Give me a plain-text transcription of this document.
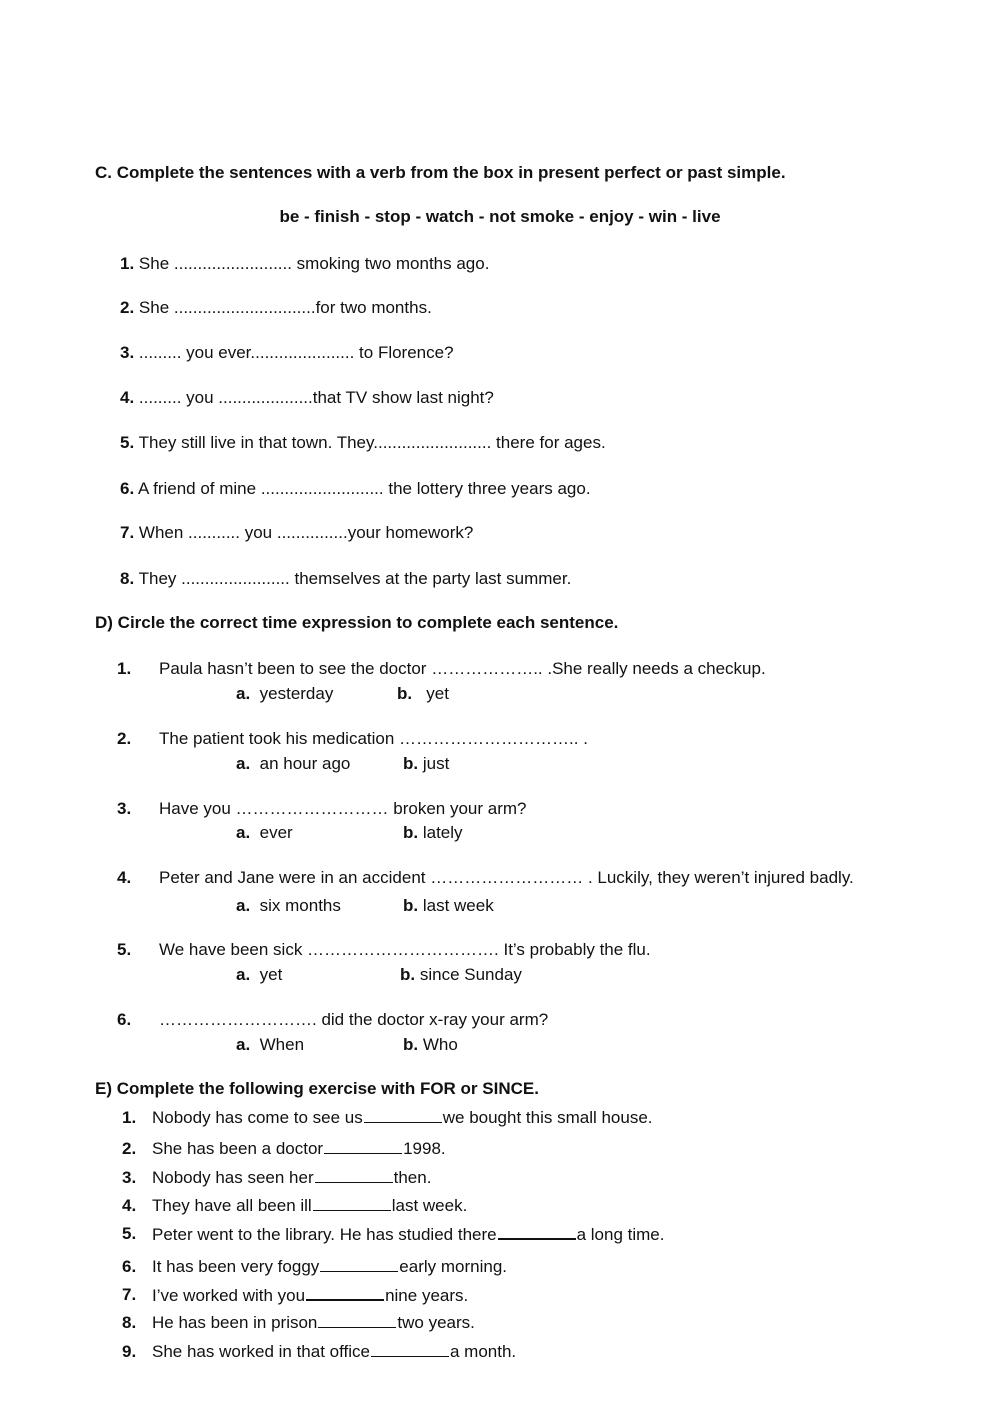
C. Complete the sentences with a verb from the box in present perfect or past simple.
be - finish - stop - watch - not smoke - enjoy - win - live
1. She ......................... smoking two months ago.
2. She ..............................for two months.
3. ......... you ever...................... to Florence?
4. ......... you ....................that TV show last night?
5. They still live in that town. They......................... there for ages.
6. A friend of mine .......................... the lottery three years ago.
7. When ........... you ...............your homework?
8. They ....................... themselves at the party last summer.
D) Circle the correct time expression to complete each sentence.
1. Paula hasn’t been to see the doctor ……………….. .She really needs a checkup.
a. yesterday	b. yet
2. The patient took his medication ………………………….. .
a. an hour ago	b. just
3. Have you ……………………… broken your arm?
a. ever	b. lately
4. Peter and Jane were in an accident ……………………… . Luckily, they weren’t injured badly.
a. six months	b. last week
5. We have been sick ……………………………. It’s probably the flu.
a. yet	b. since Sunday
6. ………………………. did the doctor x-ray your arm?
a. When	b. Who
E) Complete the following exercise with FOR or SINCE.
1. Nobody has come to see us	we bought this small house.
2. She has been a doctor	1998.
3. Nobody has seen her	then.
4. They have all been ill	last week.
5. Peter went to the library. He has studied there	a long time.
6. It has been very foggy	early morning.
7. I’ve worked with you	nine years.
8. He has been in prison	two years.
9. She has worked in that office	a month.
